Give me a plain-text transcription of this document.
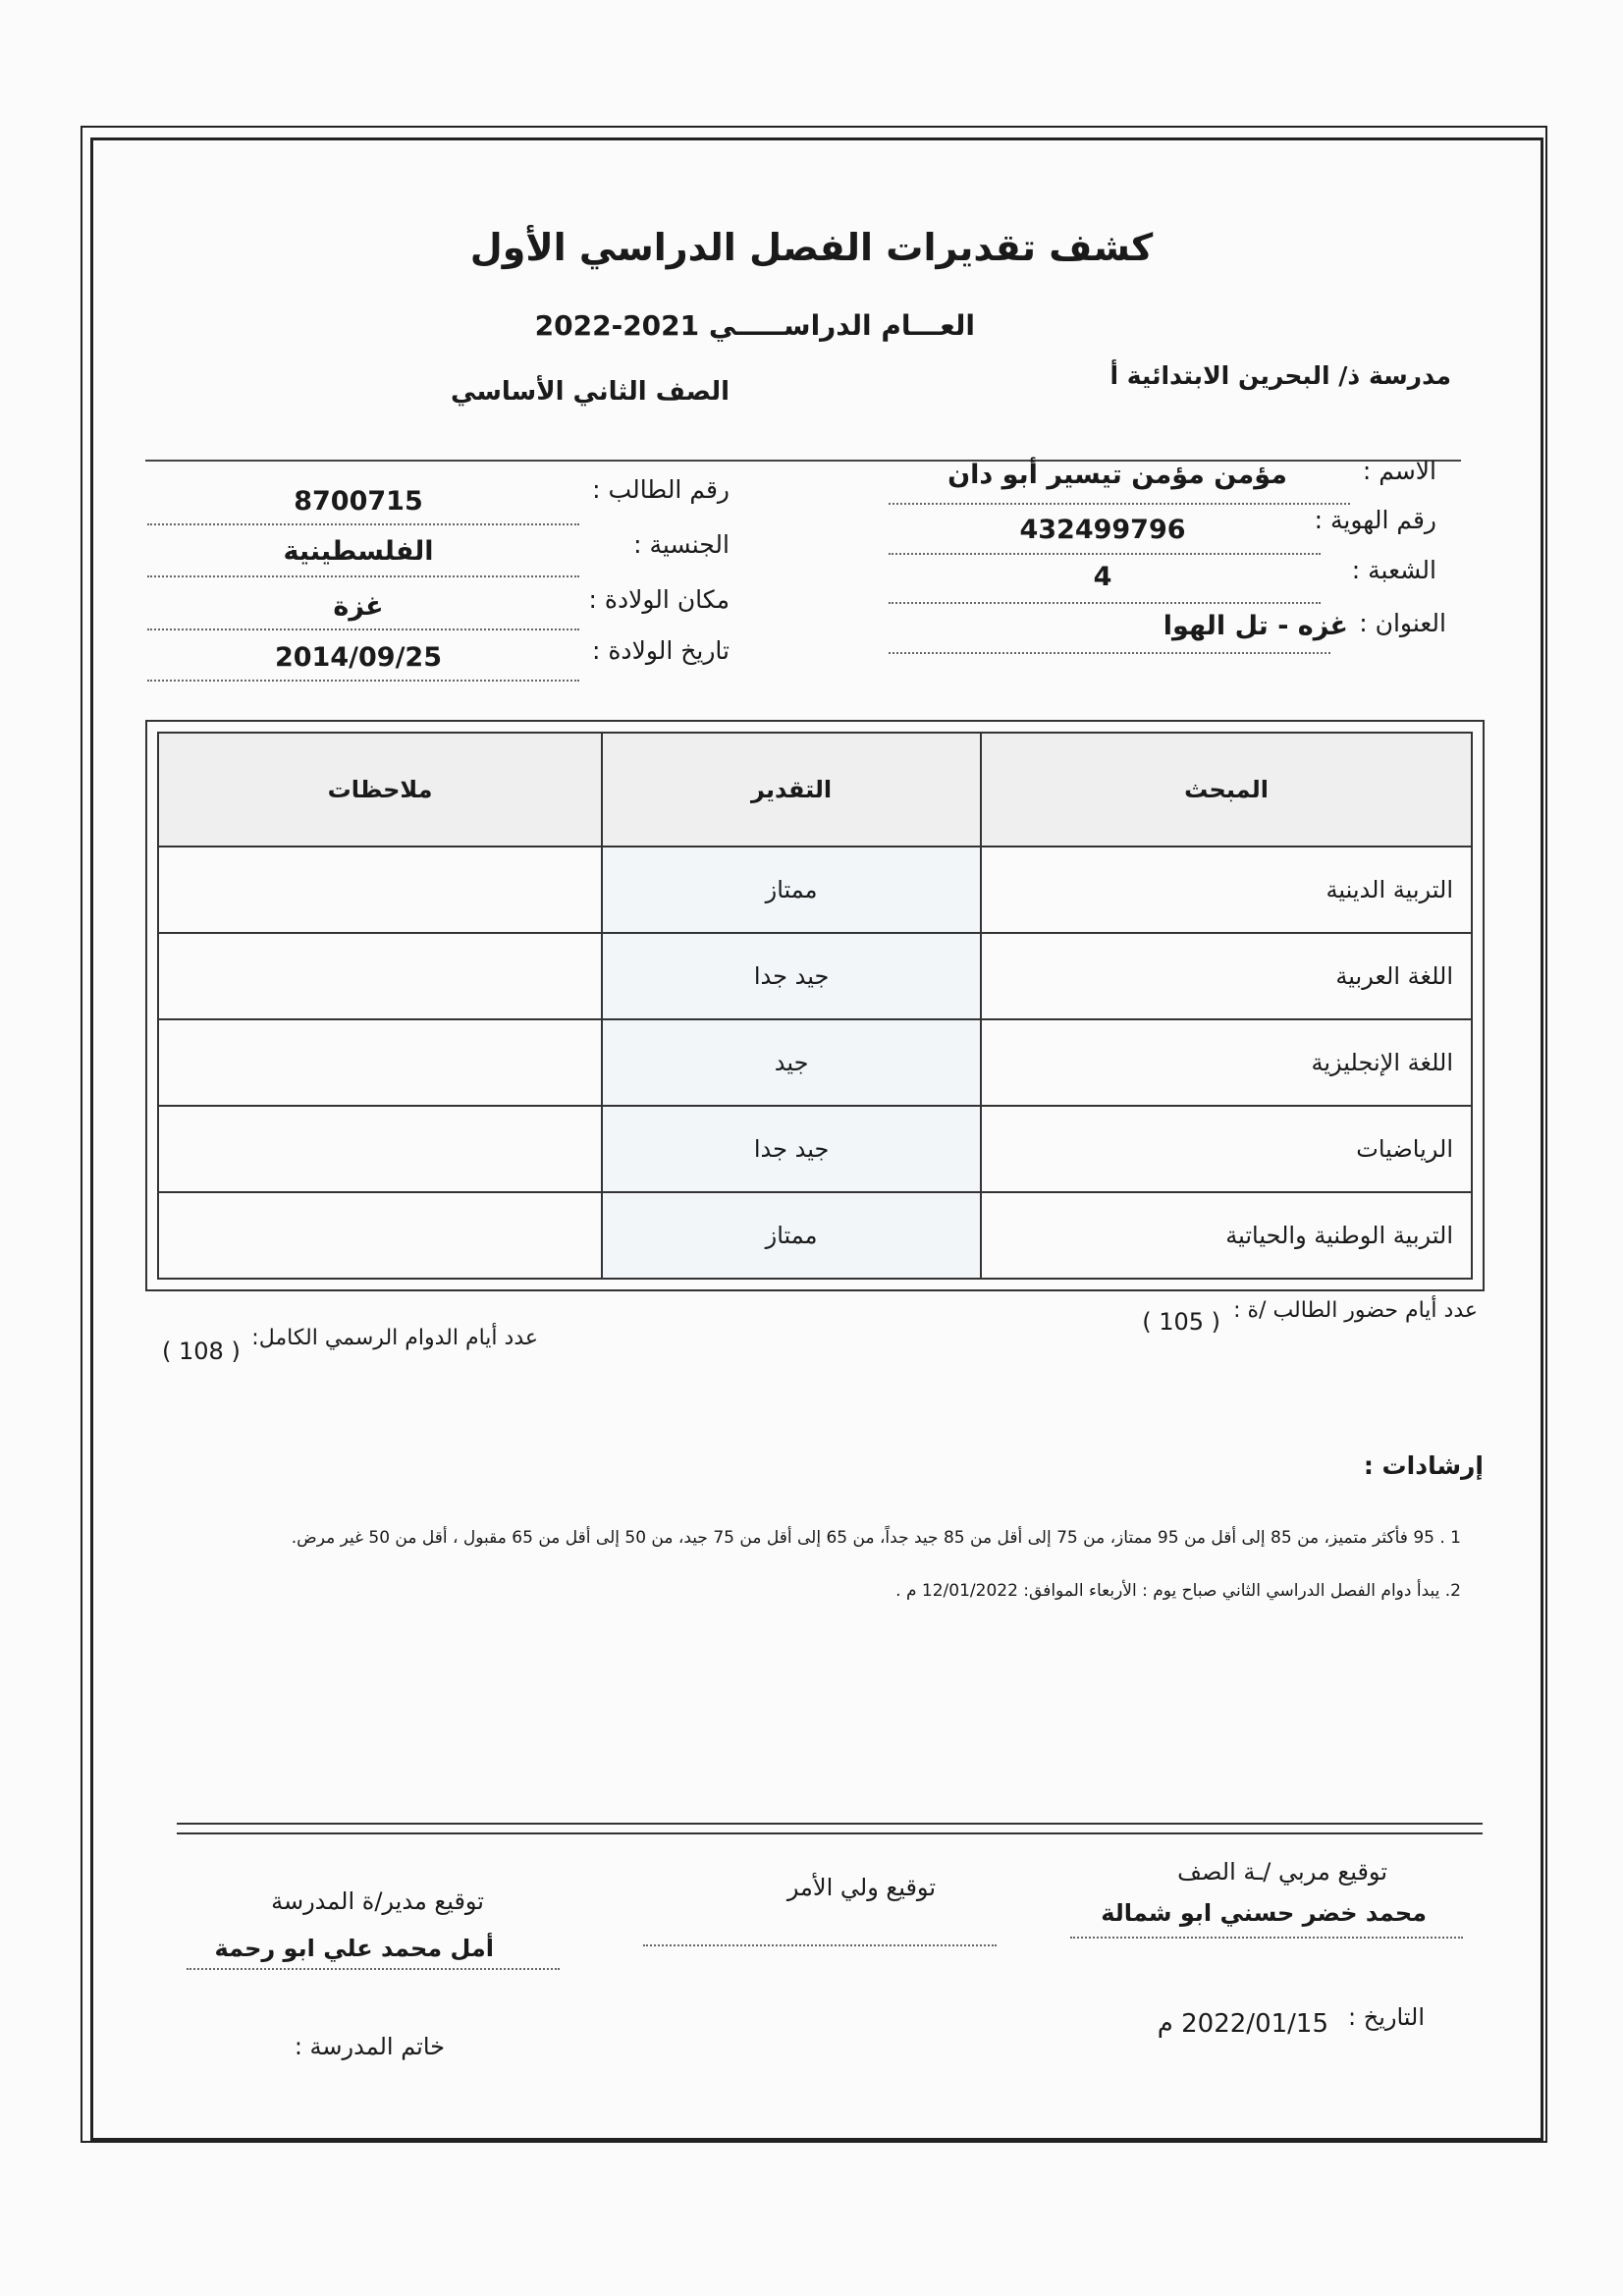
كشف تقديرات الفصل الدراسي الأول
العـــام الدراســـــي 2021-2022
مدرسة ذ/ البحرين الابتدائية أ
الصف الثاني الأساسي
الاسم :
مؤمن مؤمن تيسير أبو دان
رقم الهوية :
432499796
الشعبة :
4
العنوان :
غزه - تل الهوا
رقم الطالب :
8700715
الجنسية :
الفلسطينية
مكان الولادة :
غزة
تاريخ الولادة :
2014/09/25
المبحث	التقدير	ملاحظات
التربية الدينية	ممتاز	
اللغة العربية	جيد جدا	
اللغة الإنجليزية	جيد	
الرياضيات	جيد جدا	
التربية الوطنية والحياتية	ممتاز	
عدد أيام حضور الطالب /ة :
( 105 )
عدد أيام الدوام الرسمي الكامل:
( 108 )
إرشادات :
1 . 95 فأكثر متميز، من 85 إلى أقل من 95 ممتاز، من 75 إلى أقل من 85 جيد جداً، من 65 إلى أقل من 75 جيد، من 50 إلى أقل من 65 مقبول ، أقل من 50 غير مرض.
2. يبدأ دوام الفصل الدراسي الثاني صباح يوم : الأربعاء الموافق: 12/01/2022 م .
توقيع مربي /ـة الصف
محمد خضر حسني ابو شمالة
توقيع ولي الأمر
توقيع مدير/ة المدرسة
أمل محمد علي ابو رحمة
التاريخ :
2022/01/15 م
خاتم المدرسة :
